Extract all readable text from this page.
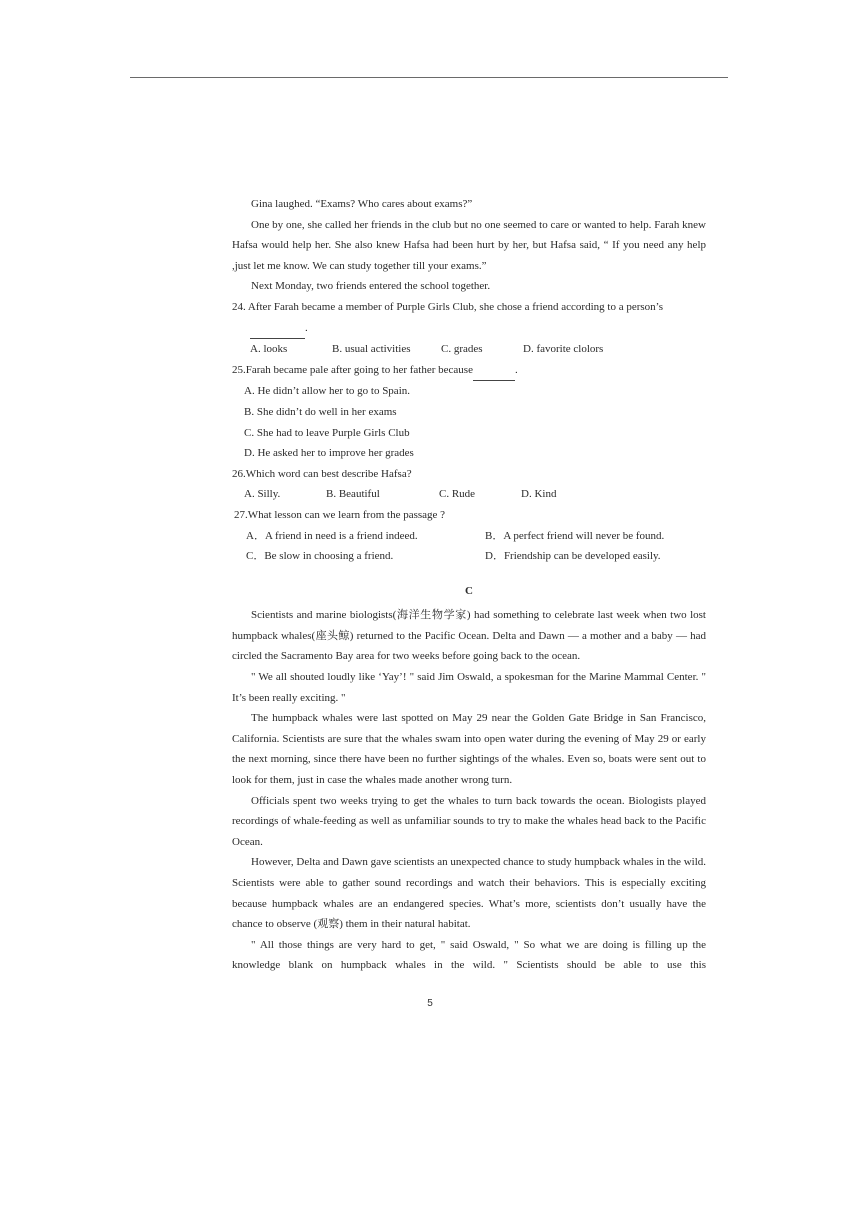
Gina laughed. “Exams? Who cares about exams?”

One by one, she called her friends in the club but no one seemed to care or wanted to help. Farah knew Hafsa would help her. She also knew Hafsa had been hurt by her, but Hafsa said, “ If you need any help ,just let me know. We can study together till your exams.”

Next Monday, two friends entered the school together.

24. After Farah became a member of Purple Girls Club, she chose a friend according to a person’s

.

A. looks	B. usual activities	C. grades	D. favorite clolors

25.Farah became pale after going to her father because	.

A. He didn’t allow her to go to Spain.

B. She didn’t do well in her exams

C. She had to leave Purple Girls Club

D. He asked her to improve her grades

26.Which word can best describe Hafsa?

A. Silly.	B. Beautiful	C. Rude	D. Kind

27.What lesson can we learn from the passage ?

A．A friend in need is a friend indeed.	B．A perfect friend will never be found.
C．Be slow in choosing a friend.	D．Friendship can be developed easily.

C

Scientists and marine biologists(海洋生物学家) had something to celebrate last week when two lost humpback whales(座头鲸) returned to the Pacific Ocean. Delta and Dawn — a mother and a baby — had circled the Sacramento Bay area for two weeks before going back to the ocean.

" We all shouted loudly like ‘Yay’! " said Jim Oswald, a spokesman for the Marine Mammal Center. " It’s been really exciting. "

The humpback whales were last spotted on May 29 near the Golden Gate Bridge in San Francisco, California. Scientists are sure that the whales swam into open water during the evening of May 29 or early the next morning, since there have been no further sightings of the whales. Even so, boats were sent out to look for them, just in case the whales made another wrong turn.

Officials spent two weeks trying to get the whales to turn back towards the ocean. Biologists played recordings of whale-feeding as well as unfamiliar sounds to try to make the whales head back to the Pacific Ocean.

However, Delta and Dawn gave scientists an unexpected chance to study humpback whales in the wild. Scientists were able to gather sound recordings and watch their behaviors. This is especially exciting because humpback whales are an endangered species. What’s more, scientists don’t usually have the chance to observe (观察) them in their natural habitat.

" All those things are very hard to get, " said Oswald, " So what we are doing is filling up the knowledge blank on humpback whales in the wild. " Scientists should be able to use this

5
